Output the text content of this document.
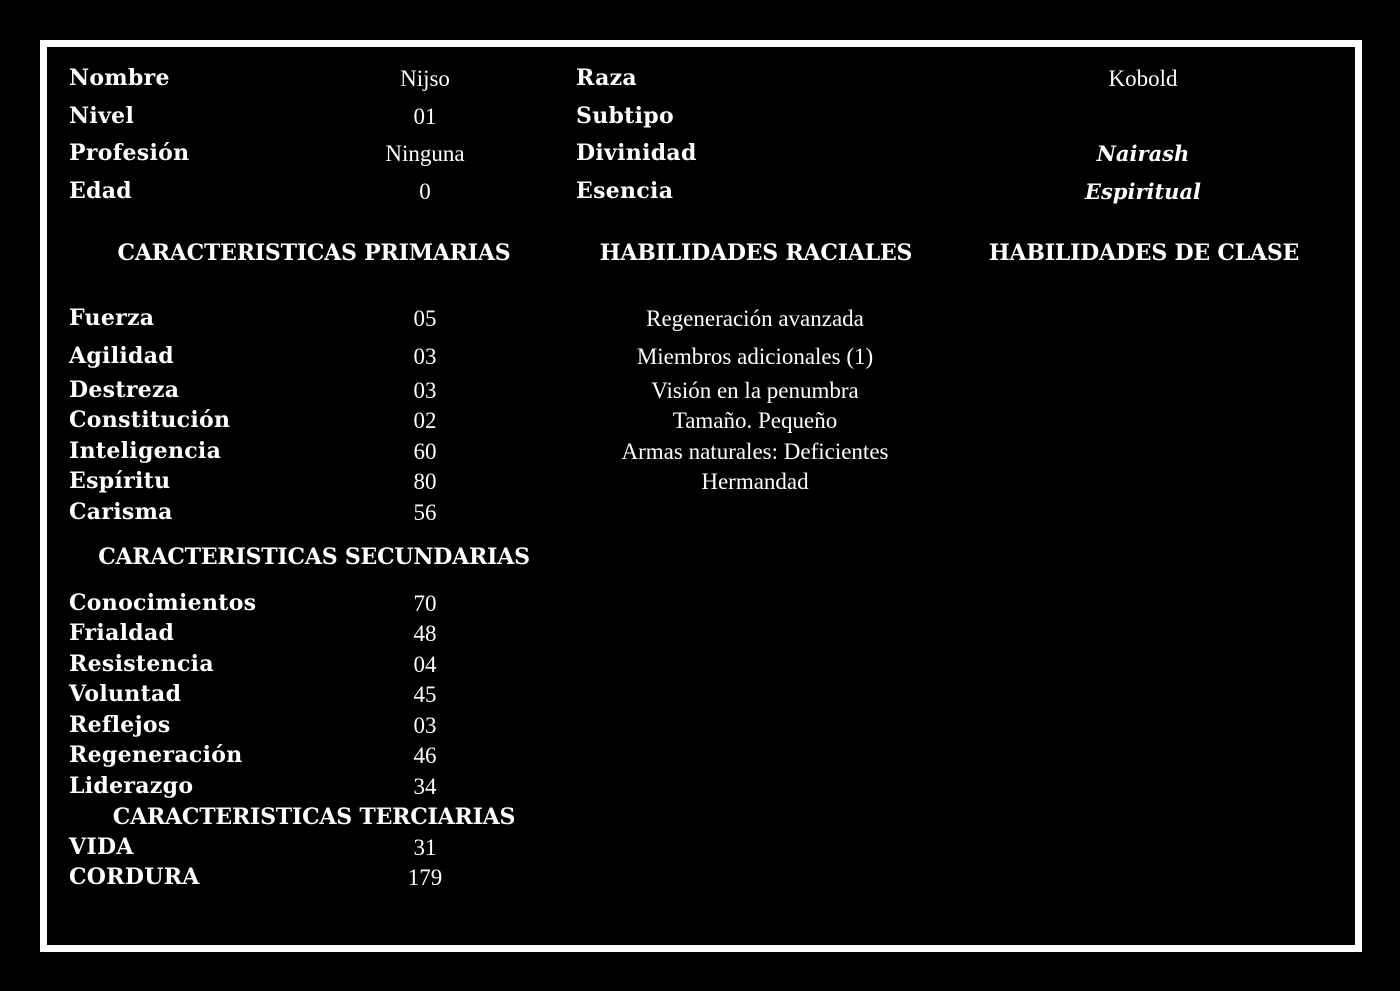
Nombre	Nijso
Nivel	01
Profesión	Ninguna
Edad	0
Raza	Kobold
Subtipo
Divinidad	Nairash
Esencia	Espiritual
CARACTERISTICAS PRIMARIAS	HABILIDADES RACIALES	HABILIDADES DE CLASE
Fuerza	05
Agilidad	03
Destreza	03
Constitución	02
Inteligencia	60
Espíritu	80
Carisma	56
Regeneración avanzada
Miembros adicionales (1)
Visión en la penumbra
Tamaño. Pequeño
Armas naturales: Deficientes
Hermandad
CARACTERISTICAS SECUNDARIAS
Conocimientos	70
Frialdad	48
Resistencia	04
Voluntad	45
Reflejos	03
Regeneración	46
Liderazgo	34
CARACTERISTICAS TERCIARIAS
VIDA	31
CORDURA	179
